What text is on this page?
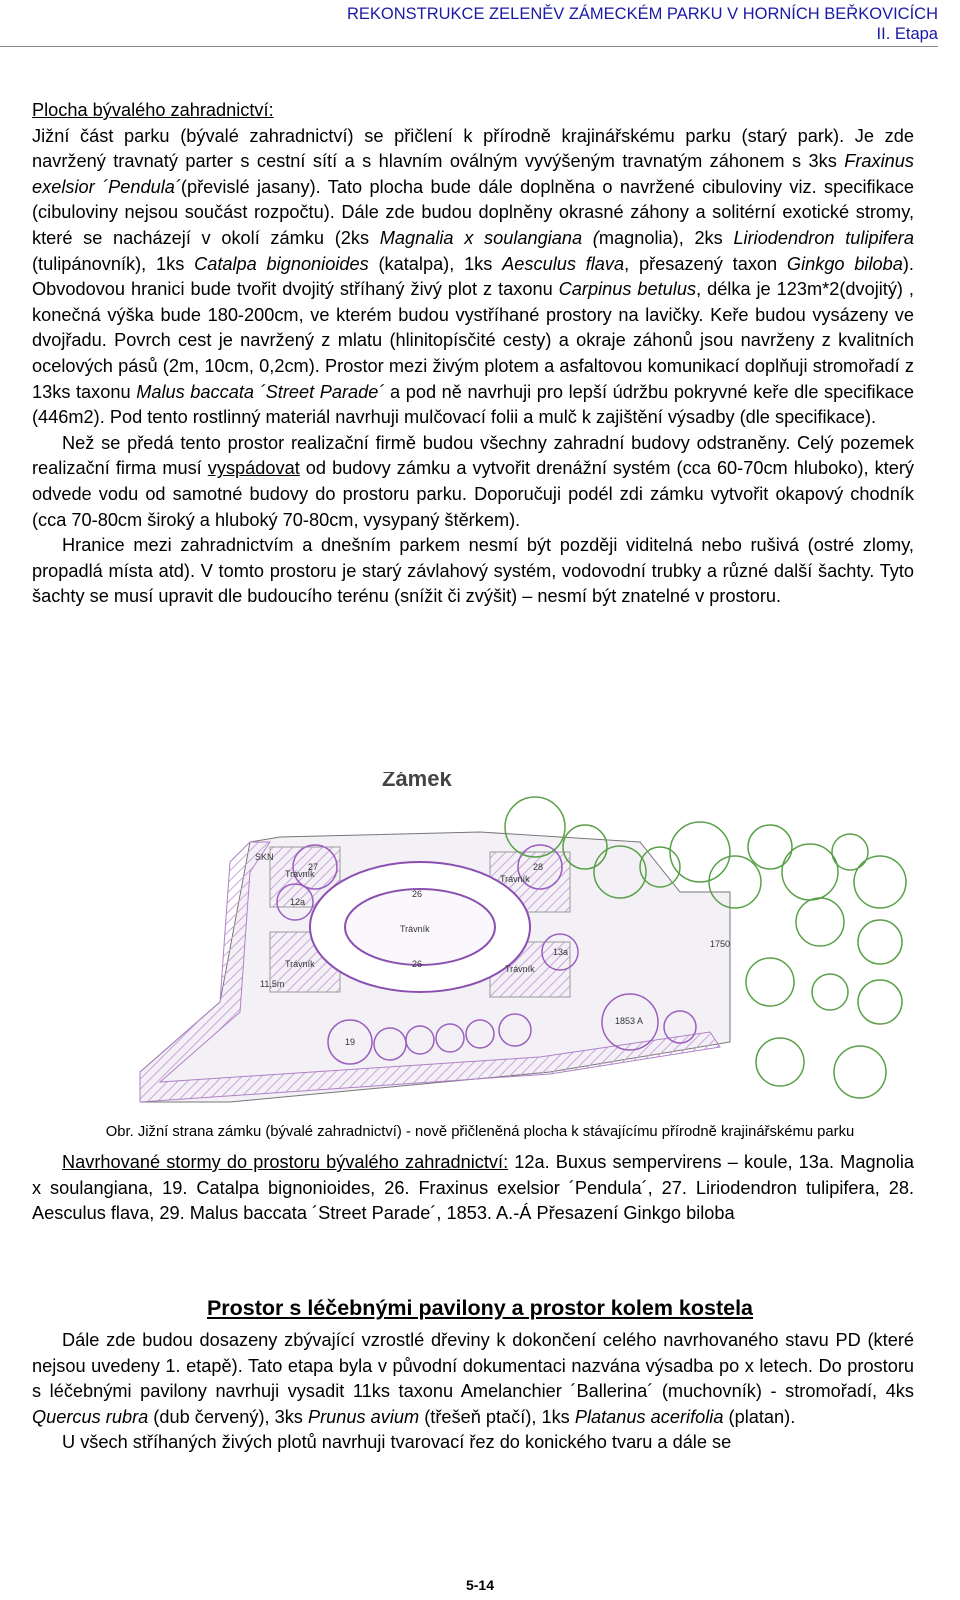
REKONSTRUKCE ZELENĚV ZÁMECKÉM PARKU V HORNÍCH BEŘKOVICÍCH
II. Etapa

Plocha bývalého zahradnictví:

Jižní část parku (bývalé zahradnictví) se přičlení k přírodně krajinářskému parku (starý park). Je zde navržený travnatý parter s cestní sítí a s hlavním oválným vyvýšeným travnatým záhonem s 3ks Fraxinus exelsior ´Pendula´(převislé jasany). Tato plocha bude dále doplněna o navržené cibuloviny viz. specifikace (cibuloviny nejsou součást rozpočtu). Dále zde budou doplněny okrasné záhony a solitérní exotické stromy, které se nacházejí v okolí zámku (2ks Magnalia x soulangiana (magnolia), 2ks Liriodendron tulipifera (tulipánovník), 1ks Catalpa bignonioides (katalpa), 1ks Aesculus flava, přesazený taxon Ginkgo biloba). Obvodovou hranici bude tvořit dvojitý stříhaný živý plot z taxonu Carpinus betulus, délka je 123m*2(dvojitý) , konečná výška bude 180-200cm, ve kterém budou vystříhané prostory na lavičky. Keře budou vysázeny ve dvojřadu. Povrch cest je navržený z mlatu (hlinitopísčité cesty) a okraje záhonů jsou navrženy z kvalitních ocelových pásů (2m, 10cm, 0,2cm). Prostor mezi živým plotem a asfaltovou komunikací doplňuji stromořadí z 13ks taxonu Malus baccata ´Street Parade´ a pod ně navrhuji pro lepší údržbu pokryvné keře dle specifikace (446m2). Pod tento rostlinný materiál navrhuji mulčovací folii a mulč k zajištění výsadby (dle specifikace).

Než se předá tento prostor realizační firmě budou všechny zahradní budovy odstraněny. Celý pozemek realizační firma musí vyspádovat od budovy zámku a vytvořit drenážní systém (cca 60-70cm hluboko), který odvede vodu od samotné budovy do prostoru parku. Doporučuji podél zdi zámku vytvořit okapový chodník (cca 70-80cm široký a hluboký 70-80cm, vysypaný štěrkem).

Hranice mezi zahradnictvím a dnešním parkem nesmí být později viditelná nebo rušivá (ostré zlomy, propadlá místa atd). V tomto prostoru je starý závlahový systém, vodovodní trubky a různé další šachty. Tyto šachty se musí upravit dle budoucího terénu (snížit či zvýšit) – nesmí být znatelné v prostoru.

Zámek
Trávník	Trávník
Trávník	Trávník
Trávník
27	28
26
19
1853 A
1750
12a
13a
26
11.5m
SKN
Obr. Jižní strana zámku (bývalé zahradnictví) - nově přičleněná plocha k stávajícímu přírodně krajinářskému parku

Navrhované stormy do prostoru bývalého zahradnictví: 12a. Buxus sempervirens – koule, 13a. Magnolia x soulangiana, 19. Catalpa bignonioides, 26. Fraxinus exelsior ´Pendula´, 27. Liriodendron tulipifera, 28. Aesculus flava, 29. Malus baccata ´Street Parade´, 1853. A.-Á Přesazení Ginkgo biloba

Prostor s léčebnými pavilony a prostor kolem kostela

Dále zde budou dosazeny zbývající vzrostlé dřeviny k dokončení celého navrhovaného stavu PD (které nejsou uvedeny 1. etapě). Tato etapa byla v původní dokumentaci nazvána výsadba po x letech. Do prostoru s léčebnými pavilony navrhuji vysadit 11ks taxonu Amelanchier ´Ballerina´ (muchovník) - stromořadí, 4ks Quercus rubra (dub červený), 3ks Prunus avium (třešeň ptačí), 1ks Platanus acerifolia (platan).

U všech stříhaných živých plotů navrhuji tvarovací řez do konického tvaru a dále se

5-14
